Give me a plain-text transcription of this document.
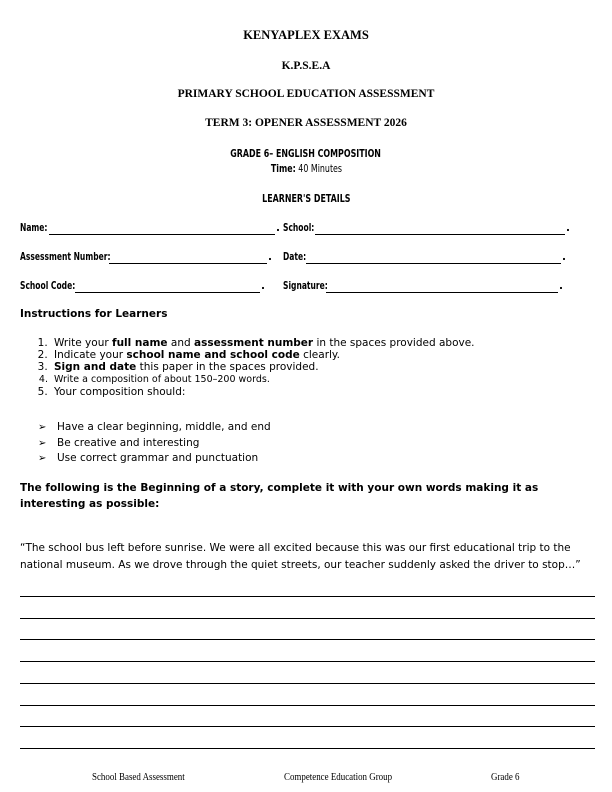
KENYAPLEX EXAMS
K.P.S.E.A
PRIMARY SCHOOL EDUCATION ASSESSMENT
TERM 3: OPENER ASSESSMENT 2026
GRADE 6– ENGLISH COMPOSITION
Time: 40 Minutes
LEARNER'S DETAILS
Name:	. School:	.
Assessment Number:	. Date:	.
School Code:	. Signature:	.
Instructions for Learners
1. Write your full name and assessment number in the spaces provided above.
2. Indicate your school name and school code clearly.
3. Sign and date this paper in the spaces provided.
4. Write a composition of about 150–200 words.
5. Your composition should:
➢ Have a clear beginning, middle, and end
➢ Be creative and interesting
➢ Use correct grammar and punctuation
The following is the Beginning of a story, complete it with your own words making it as interesting as possible:
“The school bus left before sunrise. We were all excited because this was our first educational trip to the national museum. As we drove through the quiet streets, our teacher suddenly asked the driver to stop…”
School Based Assessment	Competence Education Group	Grade 6
